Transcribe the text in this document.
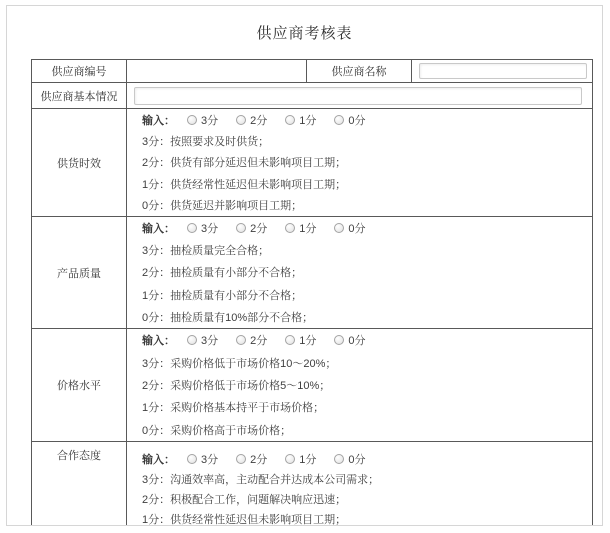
供应商考核表
供应商编号	供应商名称
供应商基本情况
供货时效
输入： 3分	2分	1分	0分
3分：按照要求及时供货；
2分：供货有部分延迟但未影响项目工期；
1分：供货经常性延迟但未影响项目工期；
0分：供货延迟并影响项目工期；
产品质量
输入： 3分	2分	1分	0分
3分：抽检质量完全合格；
2分：抽检质量有小部分不合格；
1分：抽检质量有小部分不合格；
0分：抽检质量有10%部分不合格；
价格水平
输入： 3分	2分	1分	0分
3分：采购价格低于市场价格10～20%；
2分：采购价格低于市场价格5～10%；
1分：采购价格基本持平于市场价格；
0分：采购价格高于市场价格；
合作态度	输入： 3分	2分	1分	0分
3分：沟通效率高，主动配合并达成本公司需求；
2分：积极配合工作，问题解决响应迅速；
1分：供货经常性延迟但未影响项目工期；
